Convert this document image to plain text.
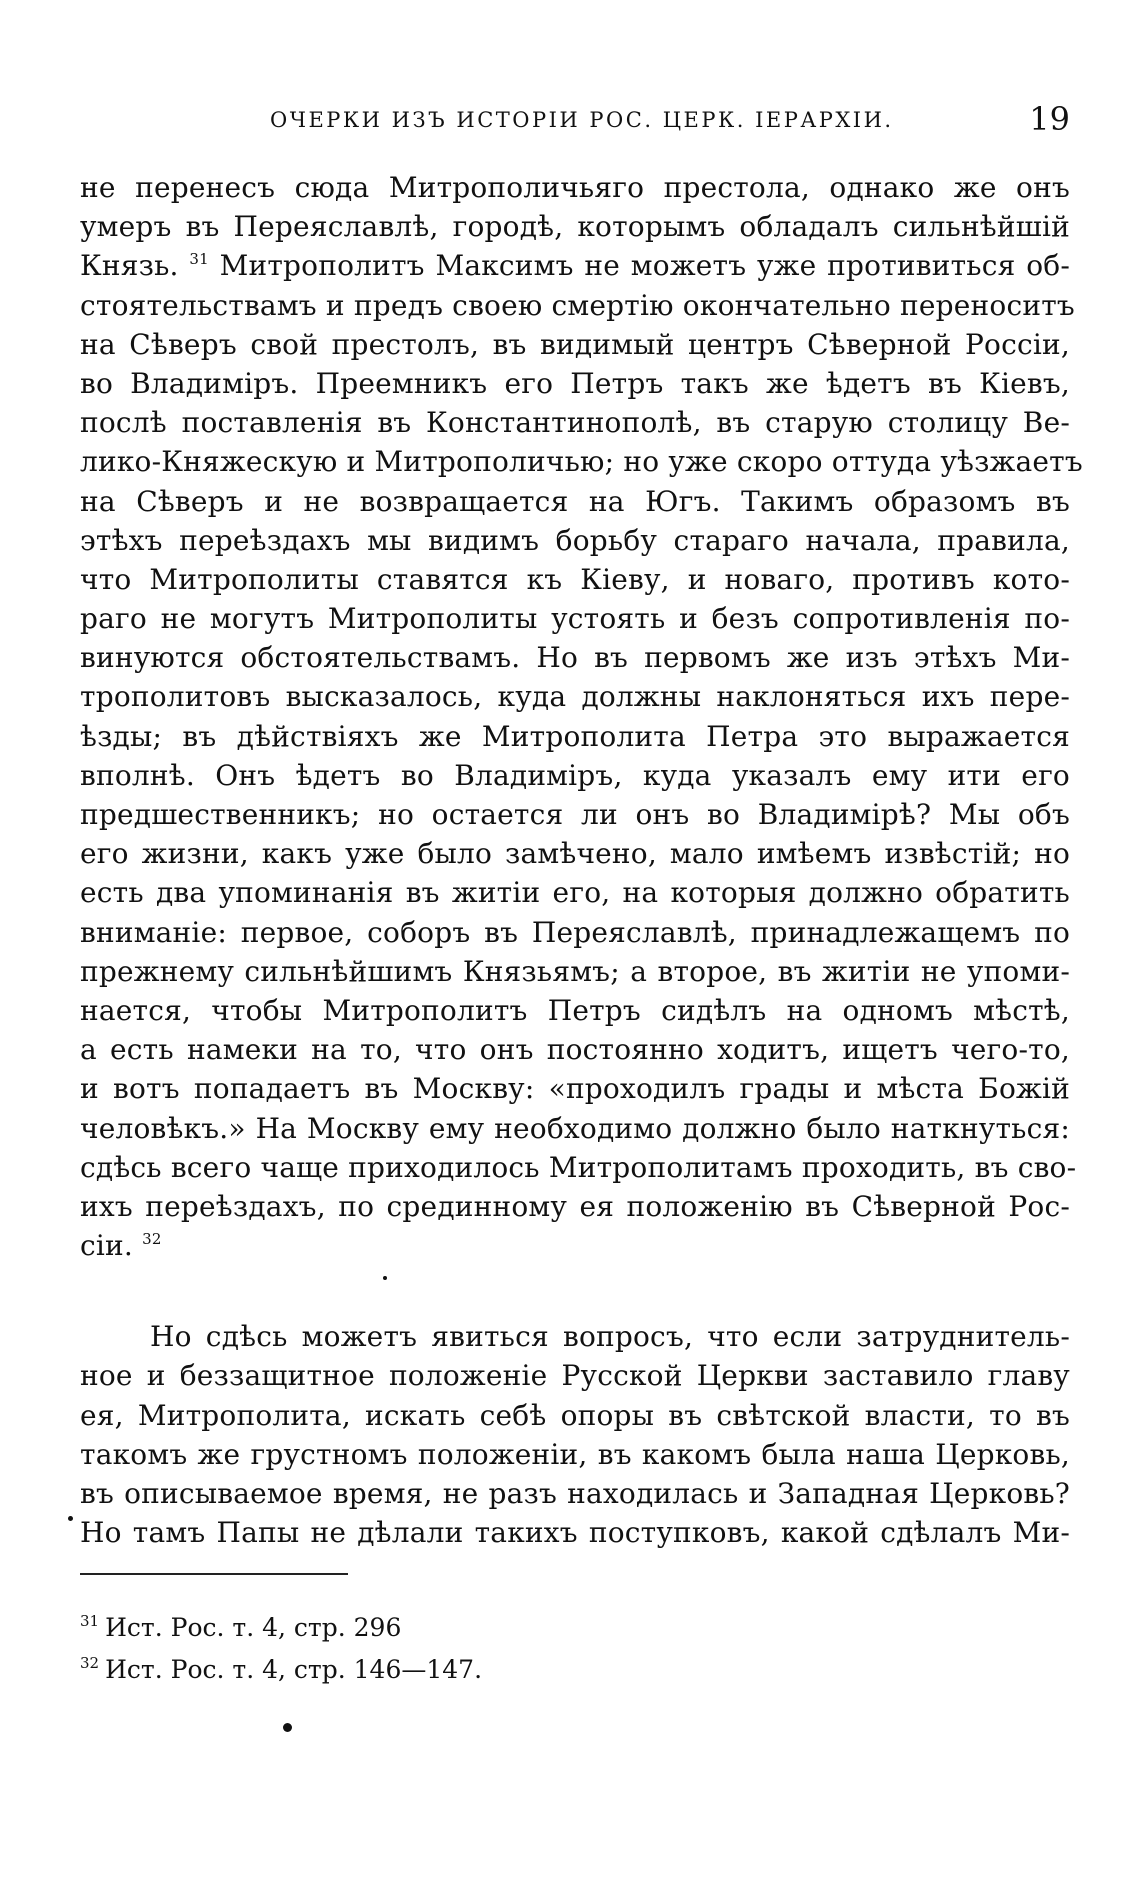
ОЧЕРКИ ИЗЪ ИСТОРІИ РОС. ЦЕРК. ІЕРАРХІИ.	19
не перенесъ сюда Митрополичьяго престола, однако же онъ
умеръ въ Переяславлѣ, городѣ, которымъ обладалъ сильнѣйшій
Князь. $^{31}$ Митрополитъ Максимъ не можетъ уже противиться об-
стоятельствамъ и предъ своею смертію окончательно переноситъ
на Сѣверъ свой престолъ, въ видимый центръ Сѣверной Россіи,
во Владиміръ. Преемникъ его Петръ такъ же ѣдетъ въ Кіевъ,
послѣ поставленія въ Константинополѣ, въ старую столицу Ве-
лико-Княжескую и Митрополичью; но уже скоро оттуда уѣзжаетъ
на Сѣверъ и не возвращается на Югъ. Такимъ образомъ въ
этѣхъ переѣздахъ мы видимъ борьбу стараго начала, правила,
что Митрополиты ставятся къ Кіеву, и новаго, противъ кото-
раго не могутъ Митрополиты устоять и безъ сопротивленія по-
винуются обстоятельствамъ. Но въ первомъ же изъ этѣхъ Ми-
трополитовъ высказалось, куда должны наклоняться ихъ пере-
ѣзды; въ дѣйствіяхъ же Митрополита Петра это выражается
вполнѣ. Онъ ѣдетъ во Владиміръ, куда указалъ ему ити его
предшественникъ; но остается ли онъ во Владимірѣ? Мы объ
его жизни, какъ уже было замѣчено, мало имѣемъ извѣстій; но
есть два упоминанія въ житіи его, на которыя должно обратить
вниманіе: первое, соборъ въ Переяславлѣ, принадлежащемъ по
прежнему сильнѣйшимъ Князьямъ; а второе, въ житіи не упоми-
нается, чтобы Митрополитъ Петръ сидѣлъ на одномъ мѣстѣ,
а есть намеки на то, что онъ постоянно ходитъ, ищетъ чего-то,
и вотъ попадаетъ въ Москву: «проходилъ грады и мѣста Божій
человѣкъ.» На Москву ему необходимо должно было наткнуться:
сдѣсь всего чаще приходилось Митрополитамъ проходить, въ сво-
ихъ переѣздахъ, по срединному ея положенію въ Сѣверной Рос-
сіи. $^{32}$
Но сдѣсь можетъ явиться вопросъ, что если затруднитель-
ное и беззащитное положеніе Русской Церкви заставило главу
ея, Митрополита, искать себѣ опоры въ свѣтской власти, то въ
такомъ же грустномъ положеніи, въ какомъ была наша Церковь,
въ описываемое время, не разъ находилась и Западная Церковь?
Но тамъ Папы не дѣлали такихъ поступковъ, какой сдѣлалъ Ми-
$^{31}$ Ист. Рос. т. 4, стр. 296
$^{32}$ Ист. Рос. т. 4, стр. 146—147.
